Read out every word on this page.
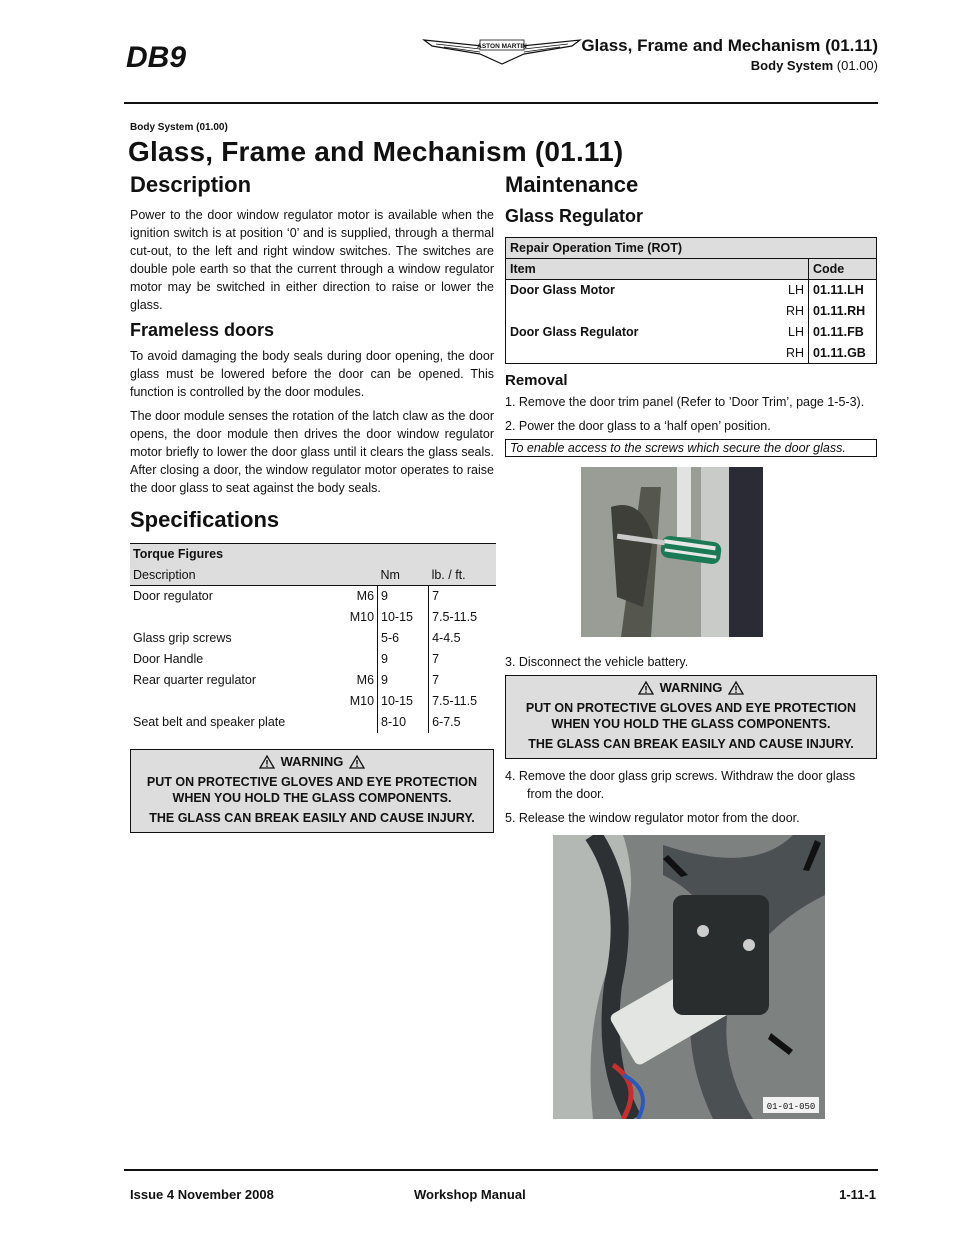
DB9	ASTON MARTIN	Glass, Frame and Mechanism (01.11)
Body System (01.00)
Body System (01.00)
Glass, Frame and Mechanism (01.11)
Description

Power to the door window regulator motor is available when the ignition switch is at position ‘0’ and is supplied, through a thermal cut-out, to the left and right window switches. The switches are double pole earth so that the current through a window regulator motor may be switched in either direction to raise or lower the glass.

Frameless doors

To avoid damaging the body seals during door opening, the door glass must be lowered before the door can be opened. This function is controlled by the door modules.

The door module senses the rotation of the latch claw as the door opens, the door module then drives the door window regulator motor briefly to lower the door glass until it clears the glass seals. After closing a door, the window regulator motor operates to raise the door glass to seat against the body seals.

Specifications
Torque Figures			
Description		Nm	lb. / ft.
Door regulator	M6	9	7
	M10	10-15	7.5-11.5
Glass grip screws		5-6	4-4.5
Door Handle		9	7
Rear quarter regulator	M6	9	7
	M10	10-15	7.5-11.5
Seat belt and speaker plate		8-10	6-7.5
WARNING
PUT ON PROTECTIVE GLOVES AND EYE PROTECTION WHEN YOU HOLD THE GLASS COMPONENTS.
THE GLASS CAN BREAK EASILY AND CAUSE INJURY.
Maintenance
Glass Regulator
Repair Operation Time (ROT)		
Item		Code
Door Glass Motor	LH	01.11.LH
	RH	01.11.RH
Door Glass Regulator	LH	01.11.FB
	RH	01.11.GB
Removal
1. Remove the door trim panel (Refer to ’Door Trim’, page 1-5-3).
2. Power the door glass to a ‘half open’ position.
To enable access to the screws which secure the door glass.
3. Disconnect the vehicle battery.
WARNING
PUT ON PROTECTIVE GLOVES AND EYE PROTECTION WHEN YOU HOLD THE GLASS COMPONENTS.
THE GLASS CAN BREAK EASILY AND CAUSE INJURY.
4. Remove the door glass grip screws. Withdraw the door glass from the door.
5. Release the window regulator motor from the door.
01-01-050
Issue 4 November 2008	Workshop Manual	1-11-1
